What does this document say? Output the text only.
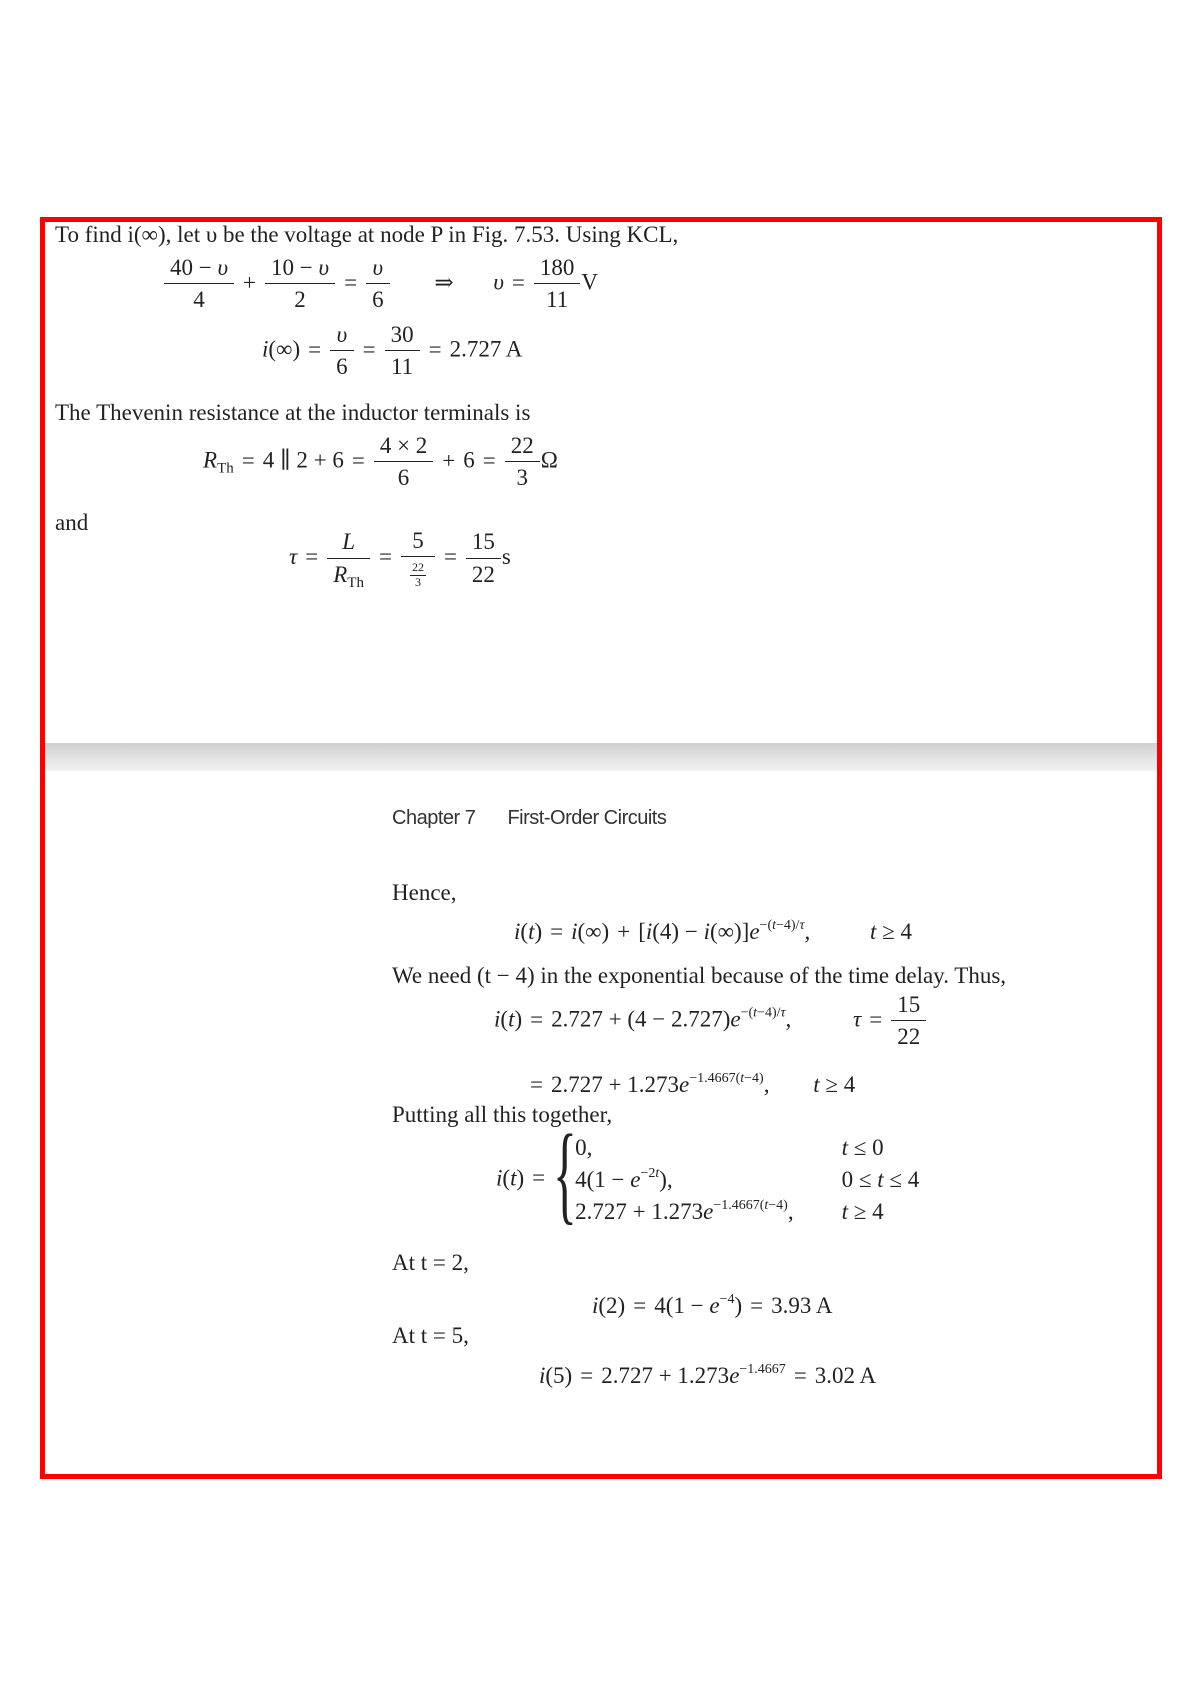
To find i(∞), let υ be the voltage at node P in Fig. 7.53. Using KCL,
$\frac{40 - \upsilon}{4} + \frac{10 - \upsilon}{2} = \frac{\upsilon}{6}$ ⇒ $\upsilon = \frac{180}{11}$ V
$i(\infty) = \frac{\upsilon}{6} = \frac{30}{11} = 2.727$ A
The Thevenin resistance at the inductor terminals is
$R_{Th} = 4$ ∥ $2 + 6 = \frac{4 \times 2}{6} + 6 = \frac{22}{3}$ Ω
and
$\tau = \frac{L}{R_{Th}} = \frac{5}{\frac{22}{3}} = \frac{15}{22}$ s
Chapter 7 First-Order Circuits
Hence,
$i(t) = i(\infty) + [i(4) - i(\infty)]e^{-(t-4)/\tau}$, t ≥ 4
We need (t − 4) in the exponential because of the time delay. Thus,
$i(t) = 2.727 + (4 - 2.727)e^{-(t-4)/\tau}$, $\tau = \frac{15}{22}$
= $2.727 + 1.273e^{-1.4667(t-4)}$, t ≥ 4
Putting all this together,
i(t) ={
0,
$4(1 - e^{-2t})$,
$2.727 + 1.273e^{-1.4667(t-4)}$,
t ≤ 0
0 ≤ t ≤ 4
t ≥ 4
At t = 2,
$i(2) = 4(1 - e^{-4}) = 3.93$ A
At t = 5,
$i(5) = 2.727 + 1.273e^{-1.4667} = 3.02$ A
